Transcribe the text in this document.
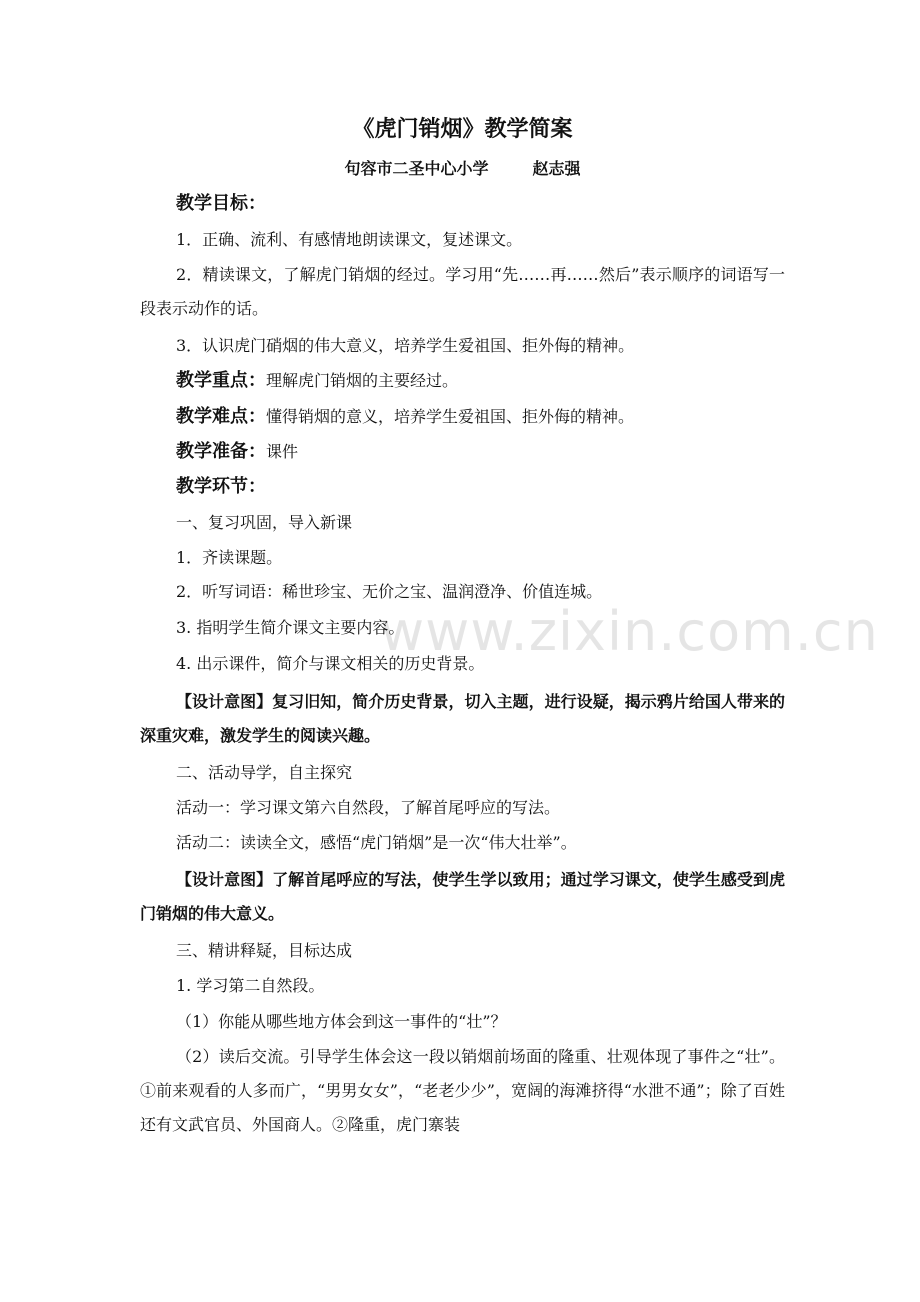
《虎门销烟》教学简案
句容市二圣中心小学	赵志强
教学目标：
1．正确、流利、有感情地朗读课文，复述课文。
2．精读课文，了解虎门销烟的经过。学习用“先……再……然后”表示顺序的词语写一段表示动作的话。
3．认识虎门硝烟的伟大意义，培养学生爱祖国、拒外侮的精神。
教学重点：理解虎门销烟的主要经过。
教学难点：懂得销烟的意义，培养学生爱祖国、拒外侮的精神。
教学准备：课件
教学环节：
一、复习巩固，导入新课
1．齐读课题。
2．听写词语：稀世珍宝、无价之宝、温润澄净、价值连城。
3. 指明学生简介课文主要内容。
4. 出示课件，简介与课文相关的历史背景。
【设计意图】复习旧知，简介历史背景，切入主题，进行设疑，揭示鸦片给国人带来的深重灾难，激发学生的阅读兴趣。
二、活动导学，自主探究
活动一：学习课文第六自然段，了解首尾呼应的写法。
活动二：读读全文，感悟“虎门销烟”是一次“伟大壮举”。
【设计意图】了解首尾呼应的写法，使学生学以致用；通过学习课文，使学生感受到虎门销烟的伟大意义。
三、精讲释疑，目标达成
1. 学习第二自然段。
（1）你能从哪些地方体会到这一事件的“壮”？
（2）读后交流。引导学生体会这一段以销烟前场面的隆重、壮观体现了事件之“壮”。 ①前来观看的人多而广，“男男女女”，“老老少少”，宽阔的海滩挤得“水泄不通”；除了百姓还有文武官员、外国商人。②隆重，虎门寨装
www.zixin.com.cn
